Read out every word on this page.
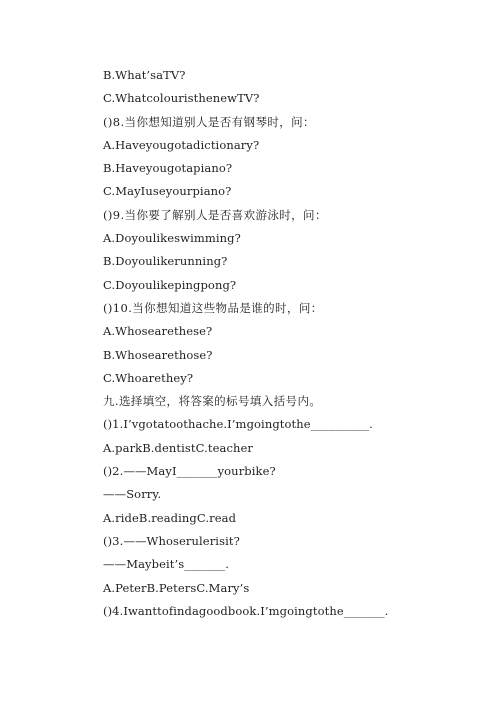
B.What’saTV?
C.WhatcolouristhenewTV?
()8.当你想知道别人是否有钢琴时，问：
A.Haveyougotadictionary?
B.Haveyougotapiano?
C.MayIuseyourpiano?
()9.当你要了解别人是否喜欢游泳时，问：
A.Doyoulikeswimming?
B.Doyoulikerunning?
C.Doyoulikepingpong?
()10.当你想知道这些物品是谁的时，问：
A.Whosearethese?
B.Whosearethose?
C.Whoarethey?
九.选择填空，将答案的标号填入括号内。
()1.I’vgotatoothache.I’mgoingtothe__________.
A.parkB.dentistC.teacher
()2.——MayI_______yourbike?
——Sorry.
A.rideB.readingC.read
()3.——Whoserulerisit?
——Maybeit’s_______.
A.PeterB.PetersC.Mary’s
()4.Iwanttofindagoodbook.I’mgoingtothe_______.
